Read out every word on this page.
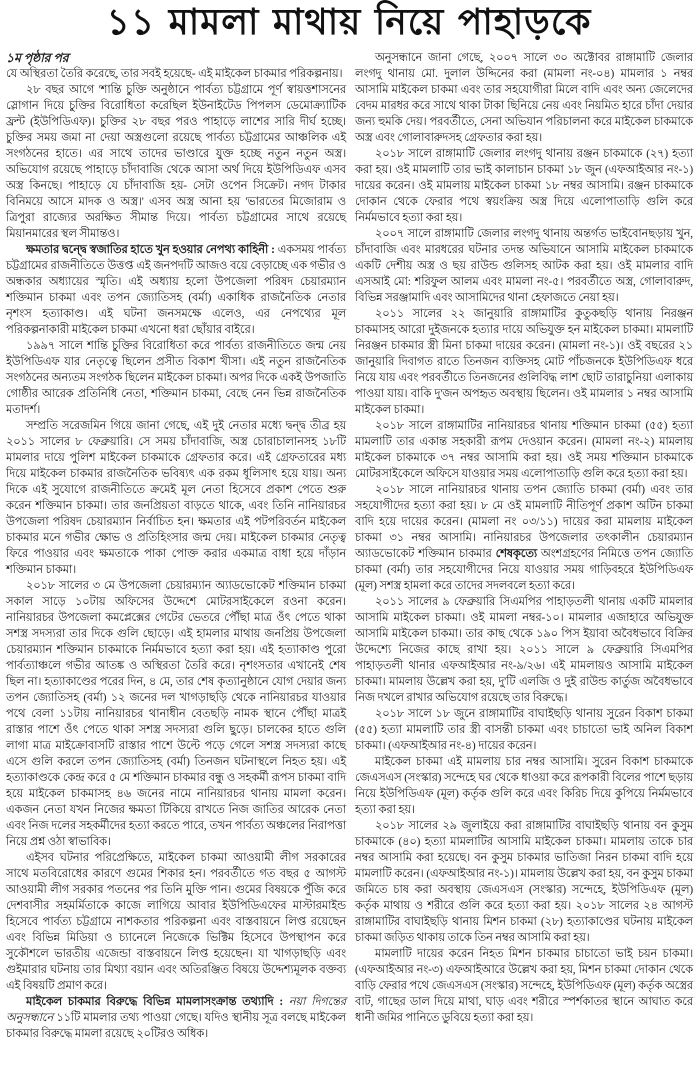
১১ মামলা মাথায় নিয়ে পাহাড়কে
১ম পৃষ্ঠার পর

যে অস্থিরতা তৈরি করেছে, তার সবই হয়েছে- এই মাইকেল চাকমার পরিকল্পনায়।

২৮ বছর আগে 'শান্তি চুক্তি অনুষ্ঠানে পার্বত্য চট্টগ্রামে পূর্ণ স্বায়ত্তশাসনের স্লোগান দিয়ে চুক্তির বিরোধিতা করেছিল ইউনাইটেড পিপলস ডেমোক্র্যাটিক ফ্রন্ট (ইউপিডিএফ)। চুক্তির ২৮ বছর পরও পাহাড়ে লাশের সারি দীর্ঘ হচ্ছে। চুক্তির সময় জমা না দেয়া অস্ত্রগুলো রয়েছে পার্বত্য চট্টগ্রামের আঞ্চলিক এই সংগঠনের হাতে। এর সাথে তাদের ভাণ্ডারে যুক্ত হচ্ছে নতুন নতুন অস্ত্র। অভিযোগ রয়েছে পাহাড়ে চাঁদাবাজি থেকে আসা অর্থ দিয়ে ইউপিডিএফ এসব অস্ত্র কিনছে। পাহাড়ে যে চাঁদাবাজি হয়- সেটা ওপেন সিক্রেট। নগদ টাকার বিনিময়ে আসে মাদক ও অস্ত্র।' এসব অস্ত্র আনা হয় 'ভারতের মিজোরাম ও ত্রিপুরা রাজ্যের অরক্ষিত সীমান্ত দিয়ে। পার্বত্য চট্টগ্রামের সাথে রয়েছে মিয়ানমারের স্থল সীমান্তও।

ক্ষমতার দ্বন্দ্বে স্বজাতির হাতে খুন হওয়ার নেপথ্য কাহিনী : একসময় পার্বত্য চট্টগ্রামের রাজনীতিতে উত্তপ্ত এই জনপদটি আজও বয়ে বেড়াচ্ছে এক গভীর ও অন্ধকার অধ্যায়ের স্মৃতি। এই অধ্যায় হলো উপজেলা পরিষদ চেয়ারম্যান শক্তিমান চাকমা এবং তপন জ্যোতিসহ (বর্মা) একাধিক রাজনৈতিক নেতার নৃশংস হত্যাকাণ্ড। এই ঘটনা জনসমক্ষে এলেও, এর নেপথ্যের মূল পরিকল্পনাকারী মাইকেল চাকমা এখনো ধরা ছোঁয়ার বাইরে।

১৯৯৭ সালে শান্তি চুক্তির বিরোধিতা করে পার্বত্য রাজনীতিতে জন্ম নেয় ইউপিডিএফ যার নেতৃত্বে ছিলেন প্রসীত বিকাশ খীসা। এই নতুন রাজনৈতিক সংগঠনের অন্যতম সংগঠক ছিলেন মাইকেল চাকমা। অপর দিকে একই উপজাতি গোষ্ঠীর আরেক প্রতিনিধি নেতা, শক্তিমান চাকমা, বেছে নেন ভিন্ন রাজনৈতিক মতাদর্শ।

সম্প্রতি সরেজমিন গিয়ে জানা গেছে, এই দুই নেতার মধ্যে দ্বন্দ্ব তীব্র হয় ২০১১ সালের ৮ ফেব্রুয়ারি। সে সময় চাঁদাবাজি, অস্ত্র চোরাচালানসহ ১৮টি মামলার দায়ে পুলিশ মাইকেল চাকমাকে গ্রেফতার করে। এই গ্রেফতারের মধ্য দিয়ে মাইকেল চাকমার রাজনৈতিক ভবিষ্যৎ এক রকম ধূলিসাৎ হয়ে যায়। অন্য দিকে এই সুযোগে রাজনীতিতে ক্রমেই মূল নেতা হিসেবে প্রকাশ পেতে শুরু করেন শক্তিমান চাকমা। তার জনপ্রিয়তা বাড়তে থাকে, এবং তিনি নানিয়ারচর উপজেলা পরিষদ চেয়ারম্যান নির্বাচিত হন। ক্ষমতার এই পটপরিবর্তন মাইকেল চাকমার মনে গভীর ক্ষোভ ও প্রতিহিংসার জন্ম দেয়। মাইকেল চাকমার নেতৃত্ব ফিরে পাওয়ার এবং ক্ষমতাকে পাকা পোক্ত করার একমাত্র বাধা হয়ে দাঁড়ান শক্তিমান চাকমা।

২০১৮ সালের ৩ মে উপজেলা চেয়ারম্যান অ্যাডভোকেট শক্তিমান চাকমা সকাল সাড়ে ১০টায় অফিসের উদ্দেশে মোটরসাইকেলে রওনা করেন। নানিয়ারচর উপজেলা কমপ্লেক্সের গেটের ভেতরে পৌঁছা মাত্র ওঁৎ পেতে থাকা সশস্ত্র সদস্যরা তার দিকে গুলি ছোড়ে। এই হামলার মাথায় জনপ্রিয় উপজেলা চেয়ারম্যান শক্তিমান চাকমাকে নির্মমভাবে হত্যা করা হয়। এই হত্যাকাণ্ড পুরো পার্বত্যাঞ্চলে গভীর আতঙ্ক ও অস্থিরতা তৈরি করে। নৃশংসতার এখানেই শেষ ছিল না। হত্যাকাণ্ডের পরের দিন, ৪ মে, তার শেষ কৃত্যানুষ্ঠানে যোগ দেয়ার জন্য তপন জ্যোতিসহ (বর্মা) ১২ জনের দল খাগড়াছড়ি থেকে নানিয়ারচর যাওয়ার পথে বেলা ১১টায় নানিয়ারচর থানাধীন বেতছড়ি নামক স্থানে পৌঁছা মাত্রই রাস্তার পাশে ওঁৎ পেতে থাকা সশস্ত্র সদস্যরা গুলি ছুড়ে। চালকের হাতে গুলি লাগা মাত্র মাইক্রোবাসটি রাস্তার পাশে উল্টে পড়ে গেলে সশস্ত্র সদস্যরা কাছে এসে গুলি করলে তপন জ্যোতিসহ (বর্মা) তিনজন ঘটনাস্থলে নিহত হয়। এই হত্যাকাণ্ডকে কেন্দ্র করে ৫ মে শক্তিমান চাকমার বন্ধু ও সহকর্মী রূপস চাকমা বাদি হয়ে মাইকেল চাকমাসহ ৪৬ জনের নামে নানিয়ারচর থানায় মামলা করেন। একজন নেতা যখন নিজের ক্ষমতা টিকিয়ে রাখতে নিজ জাতির আরেক নেতা এবং নিজ দলের সহকর্মীদের হত্যা করতে পারে, তখন পার্বত্য অঞ্চলের নিরাপত্তা নিয়ে প্রশ্ন ওঠা স্বাভাবিক।

এইসব ঘটনার পরিপ্রেক্ষিতে, মাইকেল চাকমা আওয়ামী লীগ সরকারের সাথে মতবিরোধের কারণে গুমের শিকার হন। পরবর্তীতে গত বছর ৫ আগস্ট আওয়ামী লীগ সরকার পতনের পর তিনি মুক্তি পান। গুমের বিষয়কে পুঁজি করে দেশবাসীর সহমর্মিতাকে কাজে লাগিয়ে আবার ইউপিডিএফের মাস্টারমাইন্ড হিসেবে পার্বত্য চট্টগ্রামে নাশকতার পরিকল্পনা এবং বাস্তবায়নে লিপ্ত রয়েছেন এবং বিভিন্ন মিডিয়া ও চ্যানেলে নিজেকে ভিক্টিম হিসেবে উপস্থাপন করে সুকৌশলে ভারতীয় এজেন্ডা বাস্তবায়নে লিপ্ত হয়েছেন। যা খাগড়াছড়ি এবং গুইমারার ঘটনায় তার মিথ্যা বয়ান এবং অতিরঞ্জিত বিষয়ে উদ্দেশ্যমূলক বক্তব্য এই বিষয়টি প্রমাণ করে।

মাইকেল চাকমার বিরুদ্ধে বিভিন্ন মামলাসংক্রান্ত তথ্যাদি : নয়া দিগন্তের অনুসন্ধানে ১১টি মামলার তথ্য পাওয়া গেছে। যদিও স্থানীয় সূত্র বলছে মাইকেল চাকমার বিরুদ্ধে মামলা রয়েছে ২০টিরও অধিক।

অনুসন্ধানে জানা গেছে, ২০০৭ সালে ৩০ অক্টোবর রাঙ্গামাটি জেলার লংগদু থানায় মো. দুলাল উদ্দিনের করা (মামলা নং-০৪) মামলার ১ নম্বর আসামি মাইকেল চাকমা এবং তার সহযোগীরা মিলে বাদি এবং অন্য জেলেদের বেদম মারধর করে সাথে থাকা টাকা ছিনিয়ে নেয় এবং নিয়মিত হারে চাঁদা দেয়ার জন্য হুমকি দেয়। পরবর্তীতে, সেনা অভিযান পরিচালনা করে মাইকেল চাকমাকে অস্ত্র এবং গোলাবারুদসহ গ্রেফতার করা হয়।

২০১৮ সালে রাঙ্গামাটি জেলার লংগদু থানায় রঞ্জন চাকমাকে (২৭) হত্যা করা হয়। ওই মামলাটি তার ভাই কালাচান চাকমা ১৮ জুন (এফআইআর নং-১) দায়ের করেন। ওই মামলায় মাইকেল চাকমা ১৮ নম্বর আসামি। রঞ্জন চাকমাকে দোকান থেকে ফেরার পথে স্বয়ংক্রিয় অস্ত্র দিয়ে এলোপাতাড়ি গুলি করে নির্মমভাবে হত্যা করা হয়।

২০০৭ সালে রাঙ্গামাটি জেলার লংগদু থানায় অন্তর্গত ভাইবোনছড়ায় খুন, চাঁদাবাজি এবং মারধরের ঘটনার তদন্ত অভিযানে আসামি মাইকেল চাকমাকে একটি দেশীয় অস্ত্র ও ছয় রাউন্ড গুলিসহ আটক করা হয়। ওই মামলার বাদি এসআই মো: শরিফুল আলম এবং মামলা নং-৫। পরবর্তীতে অস্ত্র, গোলাবারুদ, বিভিন্ন সরঞ্জামাদি এবং আসামিদের থানা হেফাজতে নেয়া হয়।

২০১১ সালের ২২ জানুয়ারি রাঙ্গামাটির কুতুকছড়ি থানায় নিরঞ্জন চাকমাসহ আরো দুইজনকে হত্যার দায়ে অভিযুক্ত হন মাইকেল চাকমা। মামলাটি নিরঞ্জন চাকমার স্ত্রী মিনা চাকমা দায়ের করেন। (মামলা নং-১)। ওই বছরের ২১ জানুয়ারি দিবাগত রাতে তিনজন ব্যক্তিসহ মোট পাঁচজনকে ইউপিডিএফ ধরে নিয়ে যায় এবং পরবর্তীতে তিনজনের গুলিবিদ্ধ লাশ ছোট তারাচুনিয়া এলাকায় পাওয়া যায়। বাকি দু'জন অপহৃত অবস্থায় ছিলেন। ওই মামলার ১ নম্বর আসামি মাইকেল চাকমা।

২০১৮ সালে রাঙ্গামাটির নানিয়ারচর থানায় শক্তিমান চাকমা (৫৫) হত্যা মামলাটি তার একান্ত সহকারী রূপম দেওয়ান করেন। (মামলা নং-২) মামলায় মাইকেল চাকমাকে ৩৭ নম্বর আসামি করা হয়। ওই সময় শক্তিমান চাকমাকে মোটরসাইকেলে অফিসে যাওয়ার সময় এলোপাতাড়ি গুলি করে হত্যা করা হয়।

২০১৮ সালে নানিয়ারচর থানায় তপন জ্যোতি চাকমা (বর্মা) এবং তার সহযোগীদের হত্যা করা হয়। ৮ মে ওই মামলাটি নীতিপূর্ণ প্রকাশ অটিন চাকমা বাদি হয়ে দায়ের করেন। (মামলা নং ০৩/১১) দায়ের করা মামলায় মাইকেল চাকমা ৩১ নম্বর আসামি। নানিয়ারচর উপজেলার তৎকালীন চেয়ারম্যান অ্যাডভোকেট শক্তিমান চাকমার শেষকৃত্যে অংশগ্রহণের নিমিত্তে তপন জ্যোতি চাকমা (বর্মা) তার সহযোগীদের নিয়ে যাওয়ার সময় গাড়িবহরে ইউপিডিএফ (মূল) সশস্ত্র হামলা করে তাদের সদলবলে হত্যা করে।

২০১১ সালের ৯ ফেব্রুয়ারি সিএমপির পাহাড়তলী থানায় একটি মামলার আসামি মাইকেল চাকমা। ওই মামলা নম্বর-১০। মামলার এজাহারে অভিযুক্ত আসামি মাইকেল চাকমা। তার কাছ থেকে ১৯০ পিস ইয়াবা অবৈধভাবে বিক্রির উদ্দেশ্যে নিজের কাছে রাখা হয়। ২০১১ সালে ৯ ফেব্রুয়ারি সিএমপির পাহাড়তলী থানার এফআইআর নং-৯/২৬। এই মামলায়ও আসামি মাইকেল চাকমা। মামলায় উল্লেখ করা হয়, দু'টি এলজি ও দুই রাউন্ড কার্তুজ অবৈধভাবে নিজ দখলে রাখার অভিযোগ রয়েছে তার বিরুদ্ধে।

২০১৮ সালে ১৮ জুনে রাঙ্গামাটির বাঘাইছড়ি থানায় সুরেন বিকাশ চাকমা (৫৫) হত্যা মামলাটি তার স্ত্রী বাসন্তী চাকমা এবং চাচাতো ভাই অনিল বিকাশ চাকমা। (এফআইআর নং-৪) দায়ের করেন।

মাইকেল চাকমা এই মামলায় চার নম্বর আসামি। সুরেন বিকাশ চাকমাকে জেএসএস (সংস্কার) সন্দেহে ঘর থেকে ধাওয়া করে রূপকারী বিলের পাশে ছড়ায় নিয়ে ইউপিডিএফ (মূল) কর্তৃক গুলি করে এবং কিরিচ দিয়ে কুপিয়ে নির্মমভাবে হত্যা করা হয়।

২০১৮ সালের ২৯ জুলাইয়ে করা রাঙ্গামাটির বাঘাইছড়ি থানায় বন কুসুম চাকমাকে (৪০) হত্যা মামলাটির আসামি মাইকেল চাকমা। মামলায় তাকে চার নম্বর আসামি করা হয়েছে। বন কুসুম চাকমার ভাতিজা নিরন চাকমা বাদি হয়ে মামলাটি করেন। (এফআইআর নং-১)। মামলায় উল্লেখ করা হয়, বন কুসুম চাকমা জমিতে চাষ করা অবস্থায় জেএসএস (সংস্কার) সন্দেহে, ইউপিডিএফ (মূল) কর্তৃক মাথায় ও শরীরে গুলি করে হত্যা করা হয়। ২০১৮ সালের ২৪ আগস্ট রাঙ্গামাটির বাঘাইছড়ি থানায় মিশন চাকমা (২৮) হত্যাকাণ্ডের ঘটনায় মাইকেল চাকমা জড়িত থাকায় তাকে তিন নম্বর আসামি করা হয়।

মামলাটি দায়ের করেন নিহত মিশন চাকমার চাচাতো ভাই চয়ন চাকমা। (এফআইআর নং-৩) এফআইআরে উল্লেখ করা হয়, মিশন চাকমা দোকান থেকে বাড়ি ফেরার পথে জেএসএস (সংস্কার) সন্দেহে, ইউপিডিএফ (মূল) কর্তৃক অস্ত্রের বাট, গাছের ডাল দিয়ে মাথা, ঘাড় এবং শরীরে স্পর্শকাতর স্থানে আঘাত করে ধানী জমির পানিতে ডুবিয়ে হত্যা করা হয়।
